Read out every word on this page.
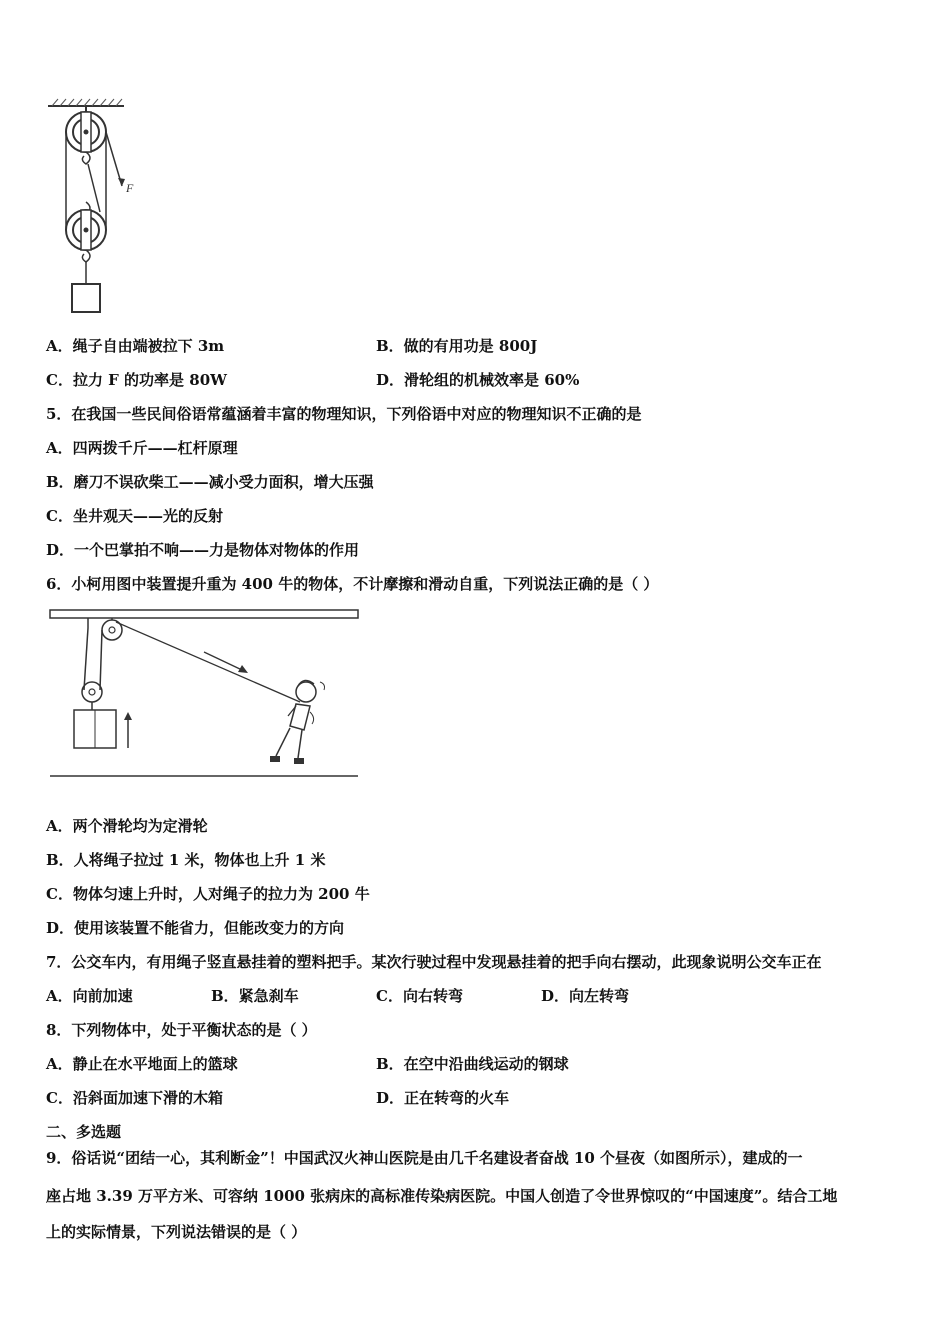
F
A．绳子自由端被拉下 3m	B．做的有用功是 800J
C．拉力 F 的功率是 80W	D．滑轮组的机械效率是 60%
5．在我国一些民间俗语常蕴涵着丰富的物理知识，下列俗语中对应的物理知识不正确的是
A．四两拨千斤——杠杆原理
B．磨刀不误砍柴工——减小受力面积，增大压强
C．坐井观天——光的反射
D．一个巴掌拍不响——力是物体对物体的作用
6．小柯用图中装置提升重为 400 牛的物体，不计摩擦和滑动自重，下列说法正确的是（ ）
A．两个滑轮均为定滑轮
B．人将绳子拉过 1 米，物体也上升 1 米
C．物体匀速上升时，人对绳子的拉力为 200 牛
D．使用该装置不能省力，但能改变力的方向
7．公交车内，有用绳子竖直悬挂着的塑料把手。某次行驶过程中发现悬挂着的把手向右摆动，此现象说明公交车正在
A．向前加速	B．紧急刹车	C．向右转弯	D．向左转弯
8．下列物体中，处于平衡状态的是（ ）
A．静止在水平地面上的篮球	B．在空中沿曲线运动的钢球
C．沿斜面加速下滑的木箱	D．正在转弯的火车
二、多选题
9．俗话说“团结一心，其利断金”！中国武汉火神山医院是由几千名建设者奋战 10 个昼夜（如图所示），建成的一
座占地 3.39 万平方米、可容纳 1000 张病床的高标准传染病医院。中国人创造了令世界惊叹的“中国速度”。结合工地
上的实际情景，下列说法错误的是（ ）
